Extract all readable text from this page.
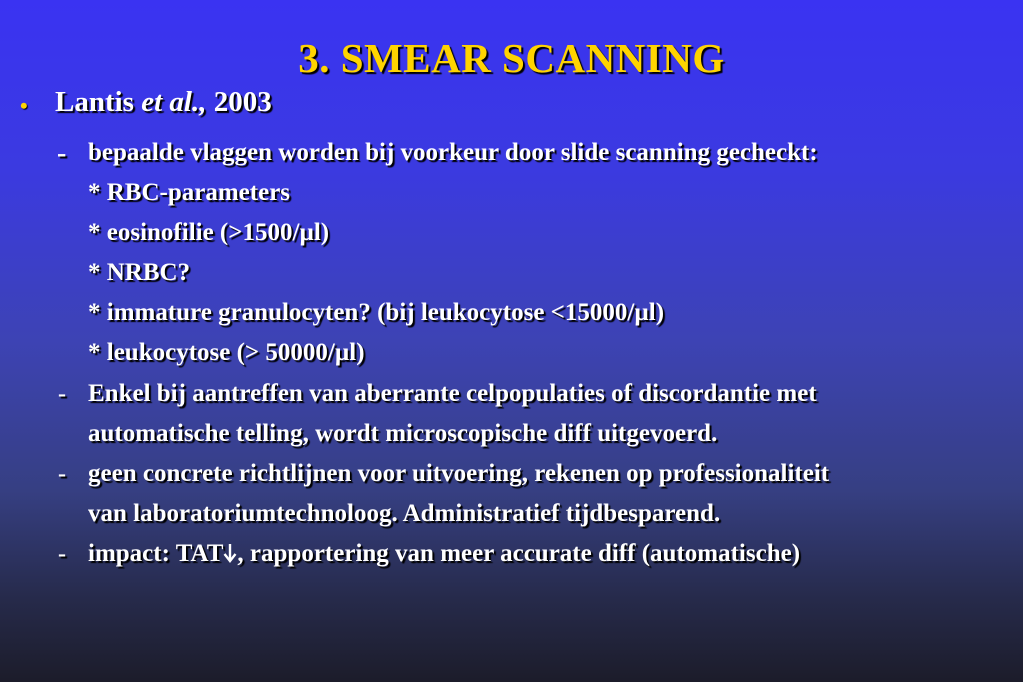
3. SMEAR SCANNING
• Lantis et al., 2003
- bepaalde vlaggen worden bij voorkeur door slide scanning gecheckt:
* RBC-parameters
* eosinofilie (>1500/µl)
* NRBC?
* immature granulocyten? (bij leukocytose <15000/µl)
* leukocytose (> 50000/µl)
- Enkel bij aantreffen van aberrante celpopulaties of discordantie met
automatische telling, wordt microscopische diff uitgevoerd.
- geen concrete richtlijnen voor uitvoering, rekenen op professionaliteit
van laboratoriumtechnoloog. Administratief tijdbesparend.
- impact: TAT , rapportering van meer accurate diff (automatische)
